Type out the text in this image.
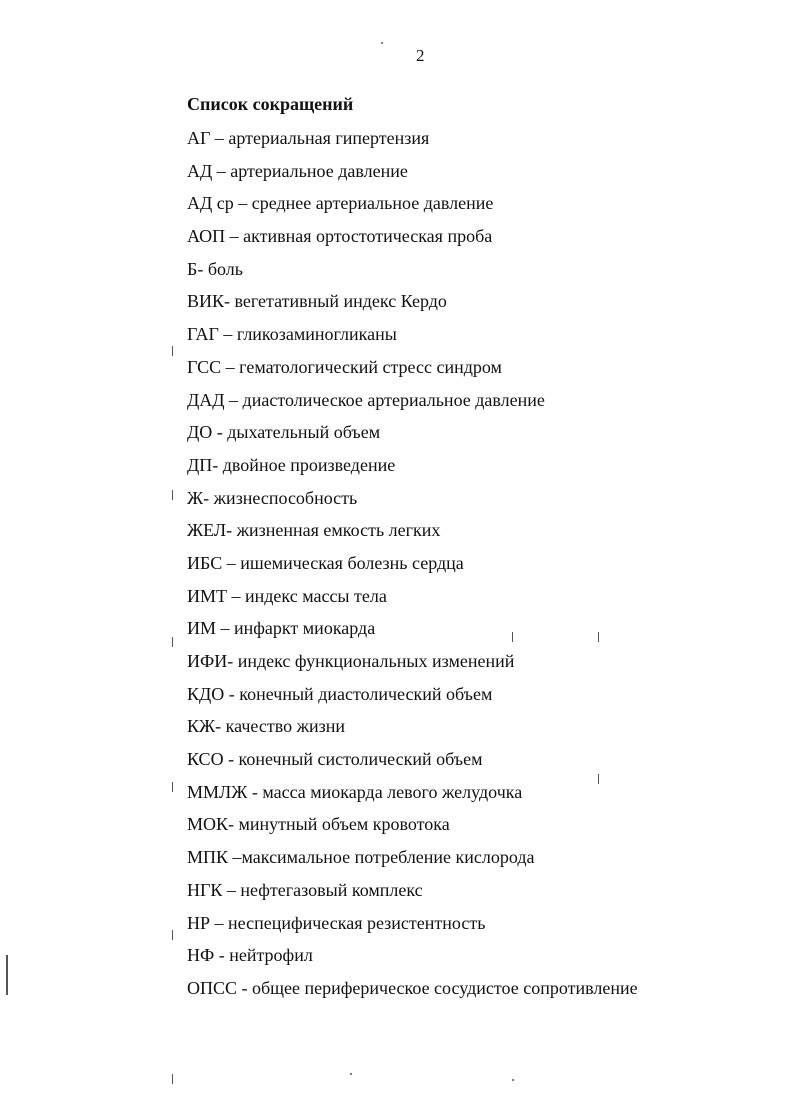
2
Список сокращений
АГ – артериальная гипертензия
АД – артериальное давление
АД ср – среднее артериальное давление
АОП – активная ортостотическая проба
Б- боль
ВИК- вегетативный индекс Кердо
ГАГ – гликозаминогликаны
ГСС – гематологический стресс синдром
ДАД – диастолическое артериальное давление
ДО - дыхательный объем
ДП- двойное произведение
Ж- жизнеспособность
ЖЕЛ- жизненная емкость легких
ИБС – ишемическая болезнь сердца
ИМТ – индекс массы тела
ИМ – инфаркт миокарда
ИФИ- индекс функциональных изменений
КДО - конечный диастолический объем
КЖ- качество жизни
КСО - конечный систолический объем
ММЛЖ - масса миокарда левого желудочка
МОК- минутный объем кровотока
МПК –максимальное потребление кислорода
НГК – нефтегазовый комплекс
НР – неспецифическая резистентность
НФ - нейтрофил
ОПСС - общее периферическое сосудистое сопротивление
